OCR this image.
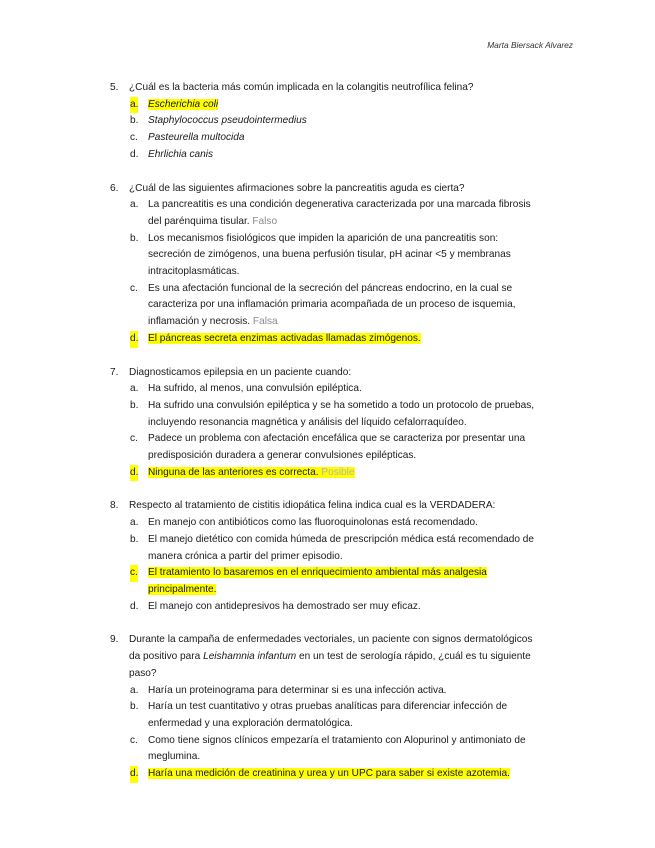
Marta Biersack Alvarez
5. ¿Cuál es la bacteria más común implicada en la colangitis neutrofílica felina?
a. Escherichia coli
b. Staphylococcus pseudointermedius
c. Pasteurella multocida
d. Ehrlichia canis
6. ¿Cuál de las siguientes afirmaciones sobre la pancreatitis aguda es cierta?
a. La pancreatitis es una condición degenerativa caracterizada por una marcada fibrosis del parénquima tisular. Falso
b. Los mecanismos fisiológicos que impiden la aparición de una pancreatitis son: secreción de zimógenos, una buena perfusión tisular, pH acinar <5 y membranas intracitoplasmáticas.
c. Es una afectación funcional de la secreción del páncreas endocrino, en la cual se caracteriza por una inflamación primaria acompañada de un proceso de isquemia, inflamación y necrosis. Falsa
d. El páncreas secreta enzimas activadas llamadas zimógenos.
7. Diagnosticamos epilepsia en un paciente cuando:
a. Ha sufrido, al menos, una convulsión epiléptica.
b. Ha sufrido una convulsión epiléptica y se ha sometido a todo un protocolo de pruebas, incluyendo resonancia magnética y análisis del líquido cefalorraquídeo.
c. Padece un problema con afectación encefálica que se caracteriza por presentar una predisposición duradera a generar convulsiones epilépticas.
d. Ninguna de las anteriores es correcta. Posible
8. Respecto al tratamiento de cistitis idiopática felina indica cual es la VERDADERA:
a. En manejo con antibióticos como las fluoroquinolonas está recomendado.
b. El manejo dietético con comida húmeda de prescripción médica está recomendado de manera crónica a partir del primer episodio.
c. El tratamiento lo basaremos en el enriquecimiento ambiental más analgesia principalmente.
d. El manejo con antidepresivos ha demostrado ser muy eficaz.
9. Durante la campaña de enfermedades vectoriales, un paciente con signos dermatológicos da positivo para Leishamnia infantum en un test de serología rápido, ¿cuál es tu siguiente paso?
a. Haría un proteinograma para determinar si es una infección activa.
b. Haría un test cuantitativo y otras pruebas analíticas para diferenciar infección de enfermedad y una exploración dermatológica.
c. Como tiene signos clínicos empezaría el tratamiento con Alopurinol y antimoniato de meglumina.
d. Haría una medición de creatinina y urea y un UPC para saber si existe azotemia.
